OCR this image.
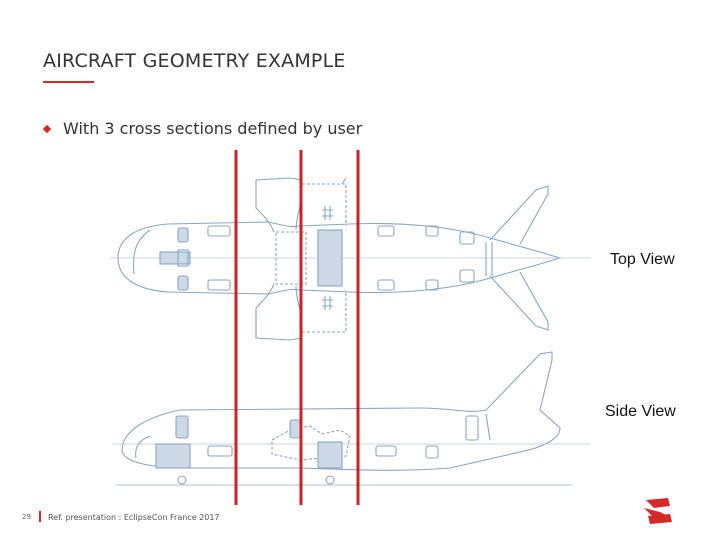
AIRCRAFT GEOMETRY EXAMPLE
With 3 cross sections defined by user
Top View
Side View
29 Ref. presentation : EclipseCon France 2017
